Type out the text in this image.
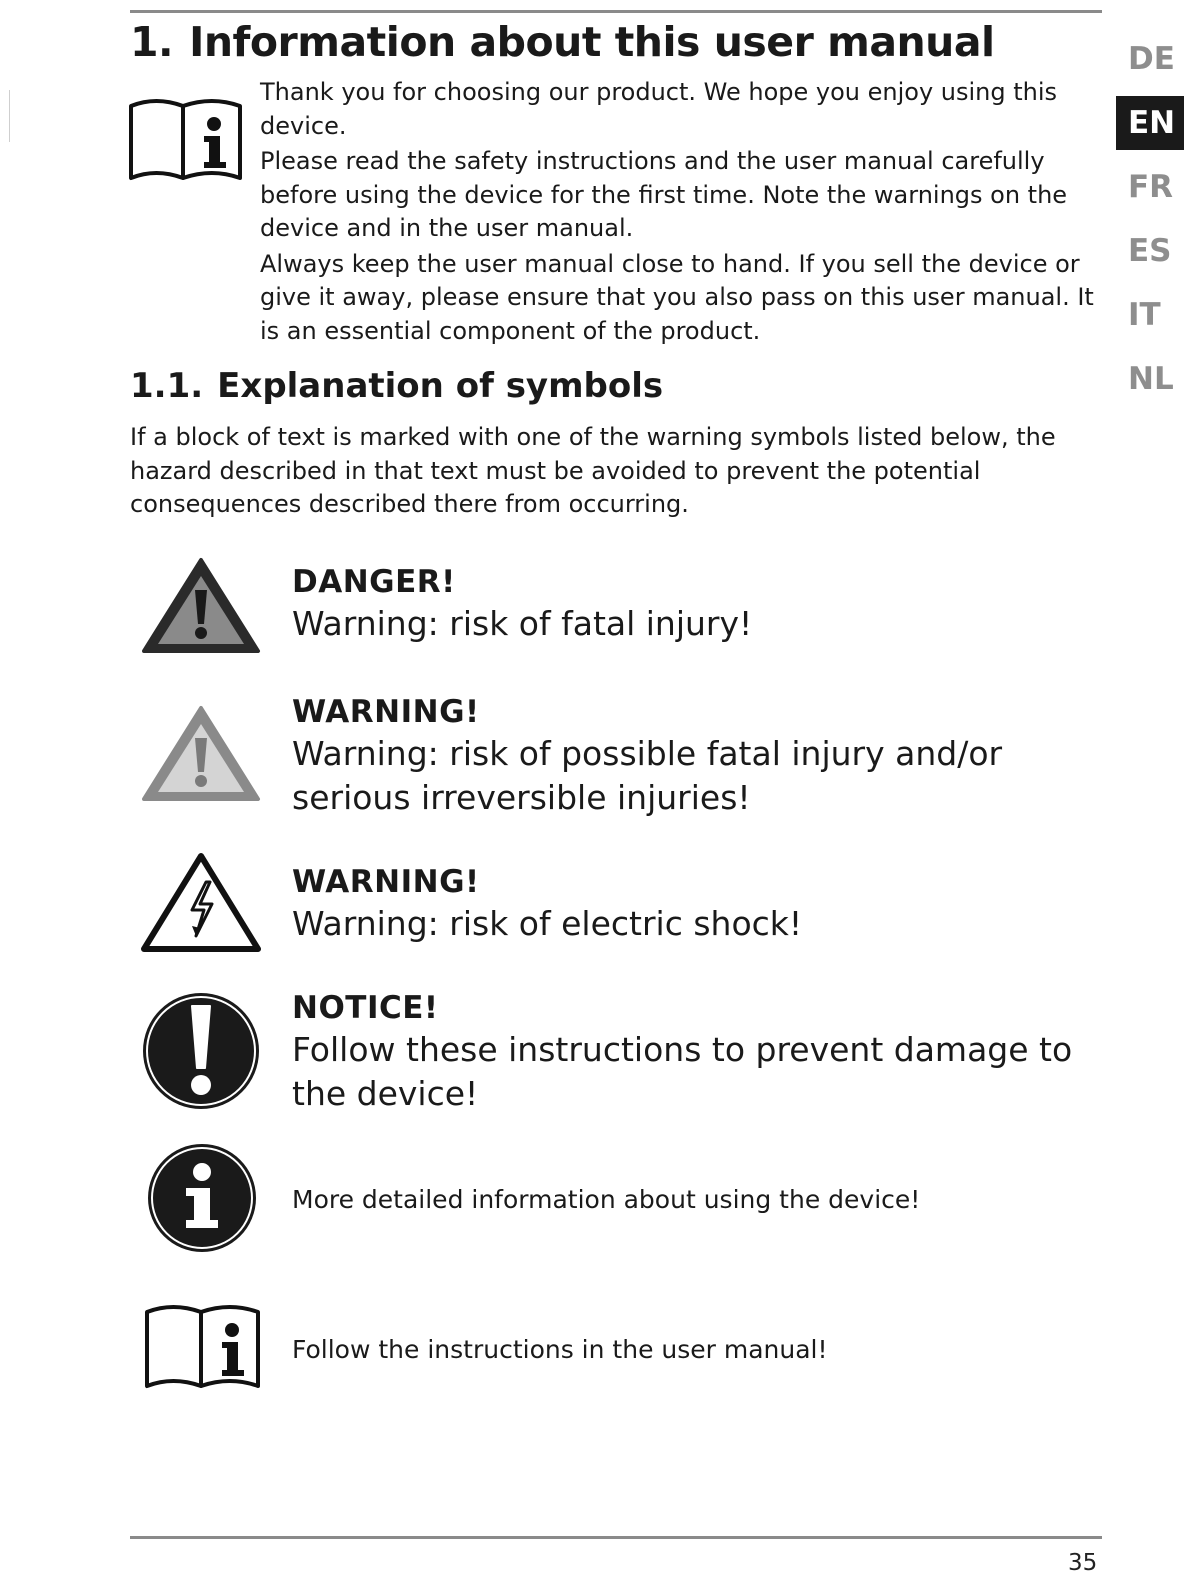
DE
EN
FR
ES
IT
NL
1. Information about this user manual

Thank you for choosing our product. We hope you enjoy using this device.

Please read the safety instructions and the user manual carefully before using the device for the first time. Note the warnings on the device and in the user manual.

Always keep the user manual close to hand. If you sell the device or give it away, please ensure that you also pass on this user manual. It is an essential component of the product.

1.1. Explanation of symbols

If a block of text is marked with one of the warning symbols listed below, the hazard described in that text must be avoided to prevent the potential consequences described there from occurring.

DANGER!
Warning: risk of fatal injury!
WARNING!
Warning: risk of possible fatal injury and/or serious irreversible injuries!
WARNING!
Warning: risk of electric shock!
NOTICE!
Follow these instructions to prevent damage to the device!
More detailed information about using the device!
Follow the instructions in the user manual!
35
